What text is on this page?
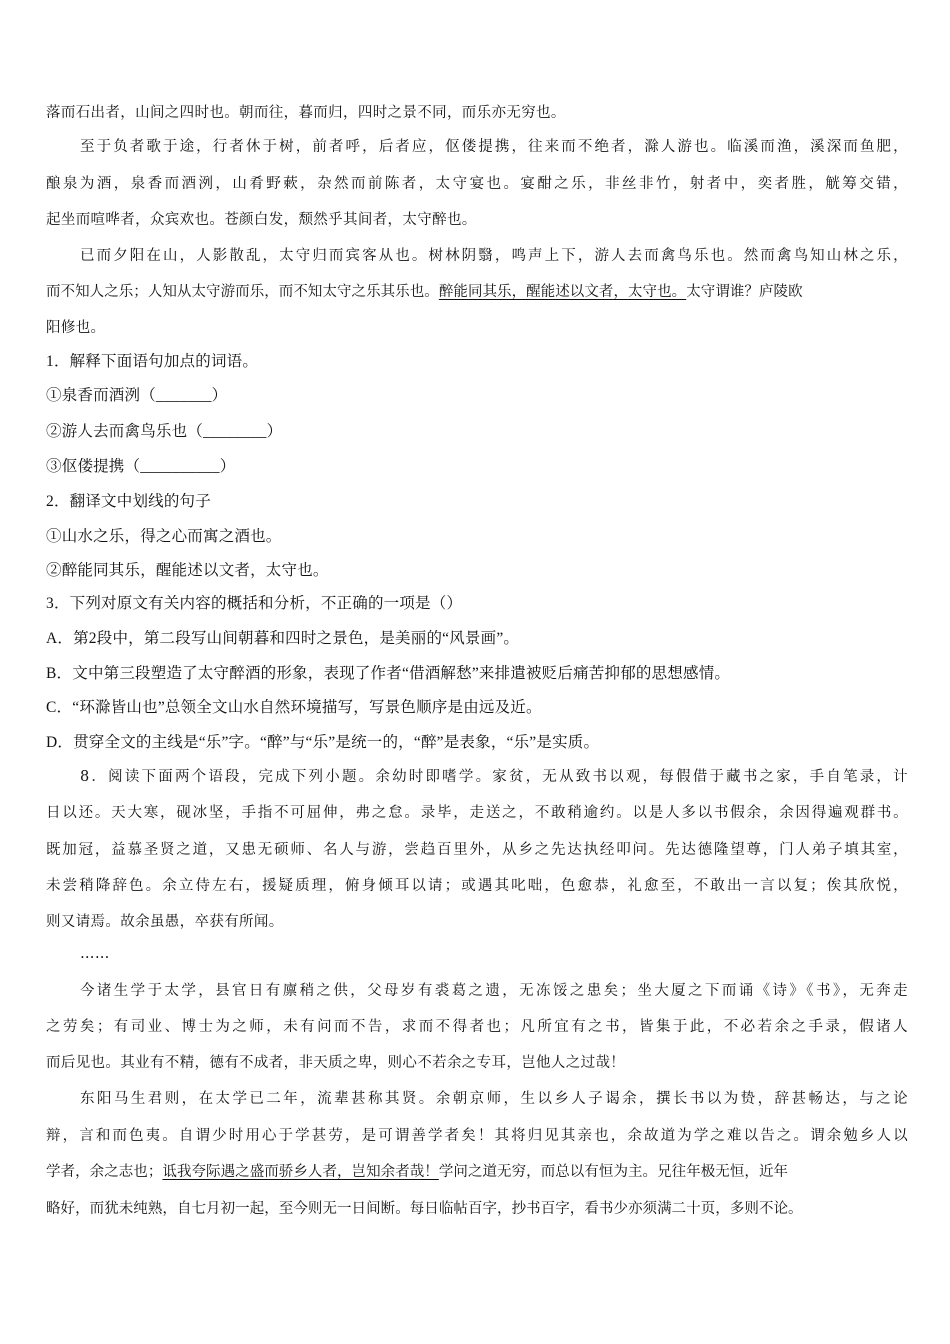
落而石出者，山间之四时也。朝而往，暮而归，四时之景不同，而乐亦无穷也。
至于负者歌于途，行者休于树，前者呼，后者应，伛偻提携，往来而不绝者，滁人游也。临溪而渔，溪深而鱼肥，
酿泉为酒，泉香而酒洌，山肴野蔌，杂然而前陈者，太守宴也。宴酣之乐，非丝非竹，射者中，奕者胜，觥筹交错，
起坐而喧哗者，众宾欢也。苍颜白发，颓然乎其间者，太守醉也。
已而夕阳在山，人影散乱，太守归而宾客从也。树林阴翳，鸣声上下，游人去而禽鸟乐也。然而禽鸟知山林之乐，
而不知人之乐；人知从太守游而乐，而不知太守之乐其乐也。醉能同其乐，醒能述以文者，太守也。太守谓谁？庐陵欧
阳修也。
1．解释下面语句加点的词语。
①泉香而酒洌（_______）
②游人去而禽鸟乐也（________）
③伛偻提携（__________）
2．翻译文中划线的句子
①山水之乐，得之心而寓之酒也。
②醉能同其乐，醒能述以文者，太守也。
3．下列对原文有关内容的概括和分析，不正确的一项是（）
A．第2段中，第二段写山间朝暮和四时之景色，是美丽的“风景画”。
B．文中第三段塑造了太守醉酒的形象，表现了作者“借酒解愁”来排遣被贬后痛苦抑郁的思想感情。
C．“环滁皆山也”总领全文山水自然环境描写，写景色顺序是由远及近。
D．贯穿全文的主线是“乐”字。“醉”与“乐”是统一的，“醉”是表象，“乐”是实质。
8．阅读下面两个语段，完成下列小题。余幼时即嗜学。家贫，无从致书以观，每假借于藏书之家，手自笔录，计
日以还。天大寒，砚冰坚，手指不可屈伸，弗之怠。录毕，走送之，不敢稍逾约。以是人多以书假余，余因得遍观群书。
既加冠，益慕圣贤之道，又患无硕师、名人与游，尝趋百里外，从乡之先达执经叩问。先达德隆望尊，门人弟子填其室，
未尝稍降辞色。余立侍左右，援疑质理，俯身倾耳以请；或遇其叱咄，色愈恭，礼愈至，不敢出一言以复；俟其欣悦，
则又请焉。故余虽愚，卒获有所闻。
……
今诸生学于太学，县官日有廪稍之供，父母岁有裘葛之遗，无冻馁之患矣；坐大厦之下而诵《诗》《书》，无奔走
之劳矣；有司业、博士为之师，未有问而不告，求而不得者也；凡所宜有之书，皆集于此，不必若余之手录，假诸人
而后见也。其业有不精，德有不成者，非天质之卑，则心不若余之专耳，岂他人之过哉！
东阳马生君则，在太学已二年，流辈甚称其贤。余朝京师，生以乡人子谒余，撰长书以为贽，辞甚畅达，与之论
辩，言和而色夷。自谓少时用心于学甚劳，是可谓善学者矣！其将归见其亲也，余故道为学之难以告之。谓余勉乡人以
学者，余之志也；诋我夸际遇之盛而骄乡人者，岂知余者哉！学问之道无穷，而总以有恒为主。兄往年极无恒，近年
略好，而犹未纯熟，自七月初一起，至今则无一日间断。每日临帖百字，抄书百字，看书少亦须满二十页，多则不论。
